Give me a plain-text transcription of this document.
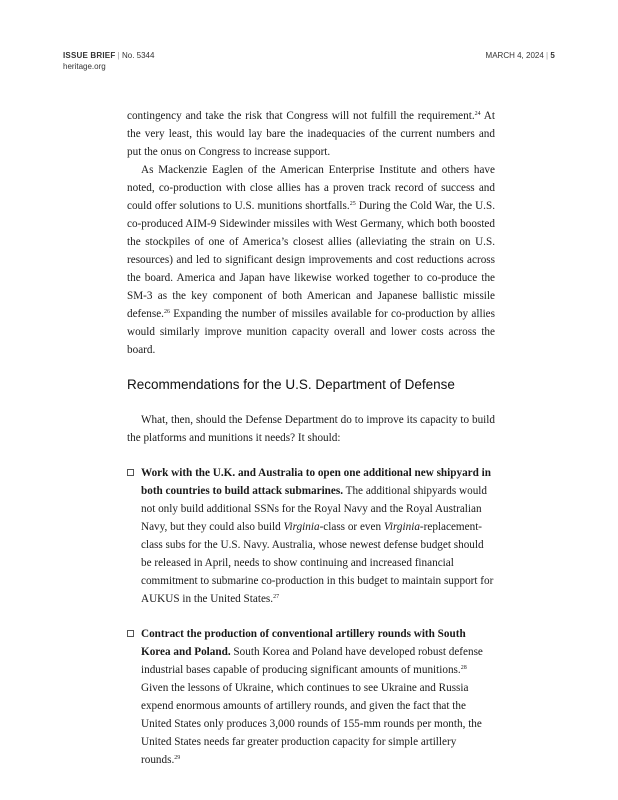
ISSUE BRIEF | No. 5344
heritage.org
MARCH 4, 2024 | 5

contingency and take the risk that Congress will not fulfill the requirement.$^{24}$ At the very least, this would lay bare the inadequacies of the current numbers and put the onus on Congress to increase support.

As Mackenzie Eaglen of the American Enterprise Institute and others have noted, co-production with close allies has a proven track record of success and could offer solutions to U.S. munitions shortfalls.$^{25}$ During the Cold War, the U.S. co-produced AIM-9 Sidewinder missiles with West Germany, which both boosted the stockpiles of one of America’s closest allies (alleviating the strain on U.S. resources) and led to significant design improvements and cost reductions across the board. America and Japan have likewise worked together to co-produce the SM-3 as the key component of both American and Japanese ballistic missile defense.$^{26}$ Expanding the number of missiles available for co-production by allies would similarly improve munition capacity overall and lower costs across the board.

Recommendations for the U.S. Department of Defense

What, then, should the Defense Department do to improve its capacity to build the platforms and munitions it needs? It should:

Work with the U.K. and Australia to open one additional new shipyard in both countries to build attack submarines. The additional shipyards would not only build additional SSNs for the Royal Navy and the Royal Australian Navy, but they could also build Virginia-class or even Virginia-replacement-class subs for the U.S. Navy. Australia, whose newest defense budget should be released in April, needs to show continuing and increased financial commitment to submarine co-production in this budget to maintain support for AUKUS in the United States.$^{27}$
Contract the production of conventional artillery rounds with South Korea and Poland. South Korea and Poland have developed robust defense industrial bases capable of producing significant amounts of munitions.$^{28}$ Given the lessons of Ukraine, which continues to see Ukraine and Russia expend enormous amounts of artillery rounds, and given the fact that the United States only produces 3,000 rounds of 155-mm rounds per month, the United States needs far greater production capacity for simple artillery rounds.$^{29}$
